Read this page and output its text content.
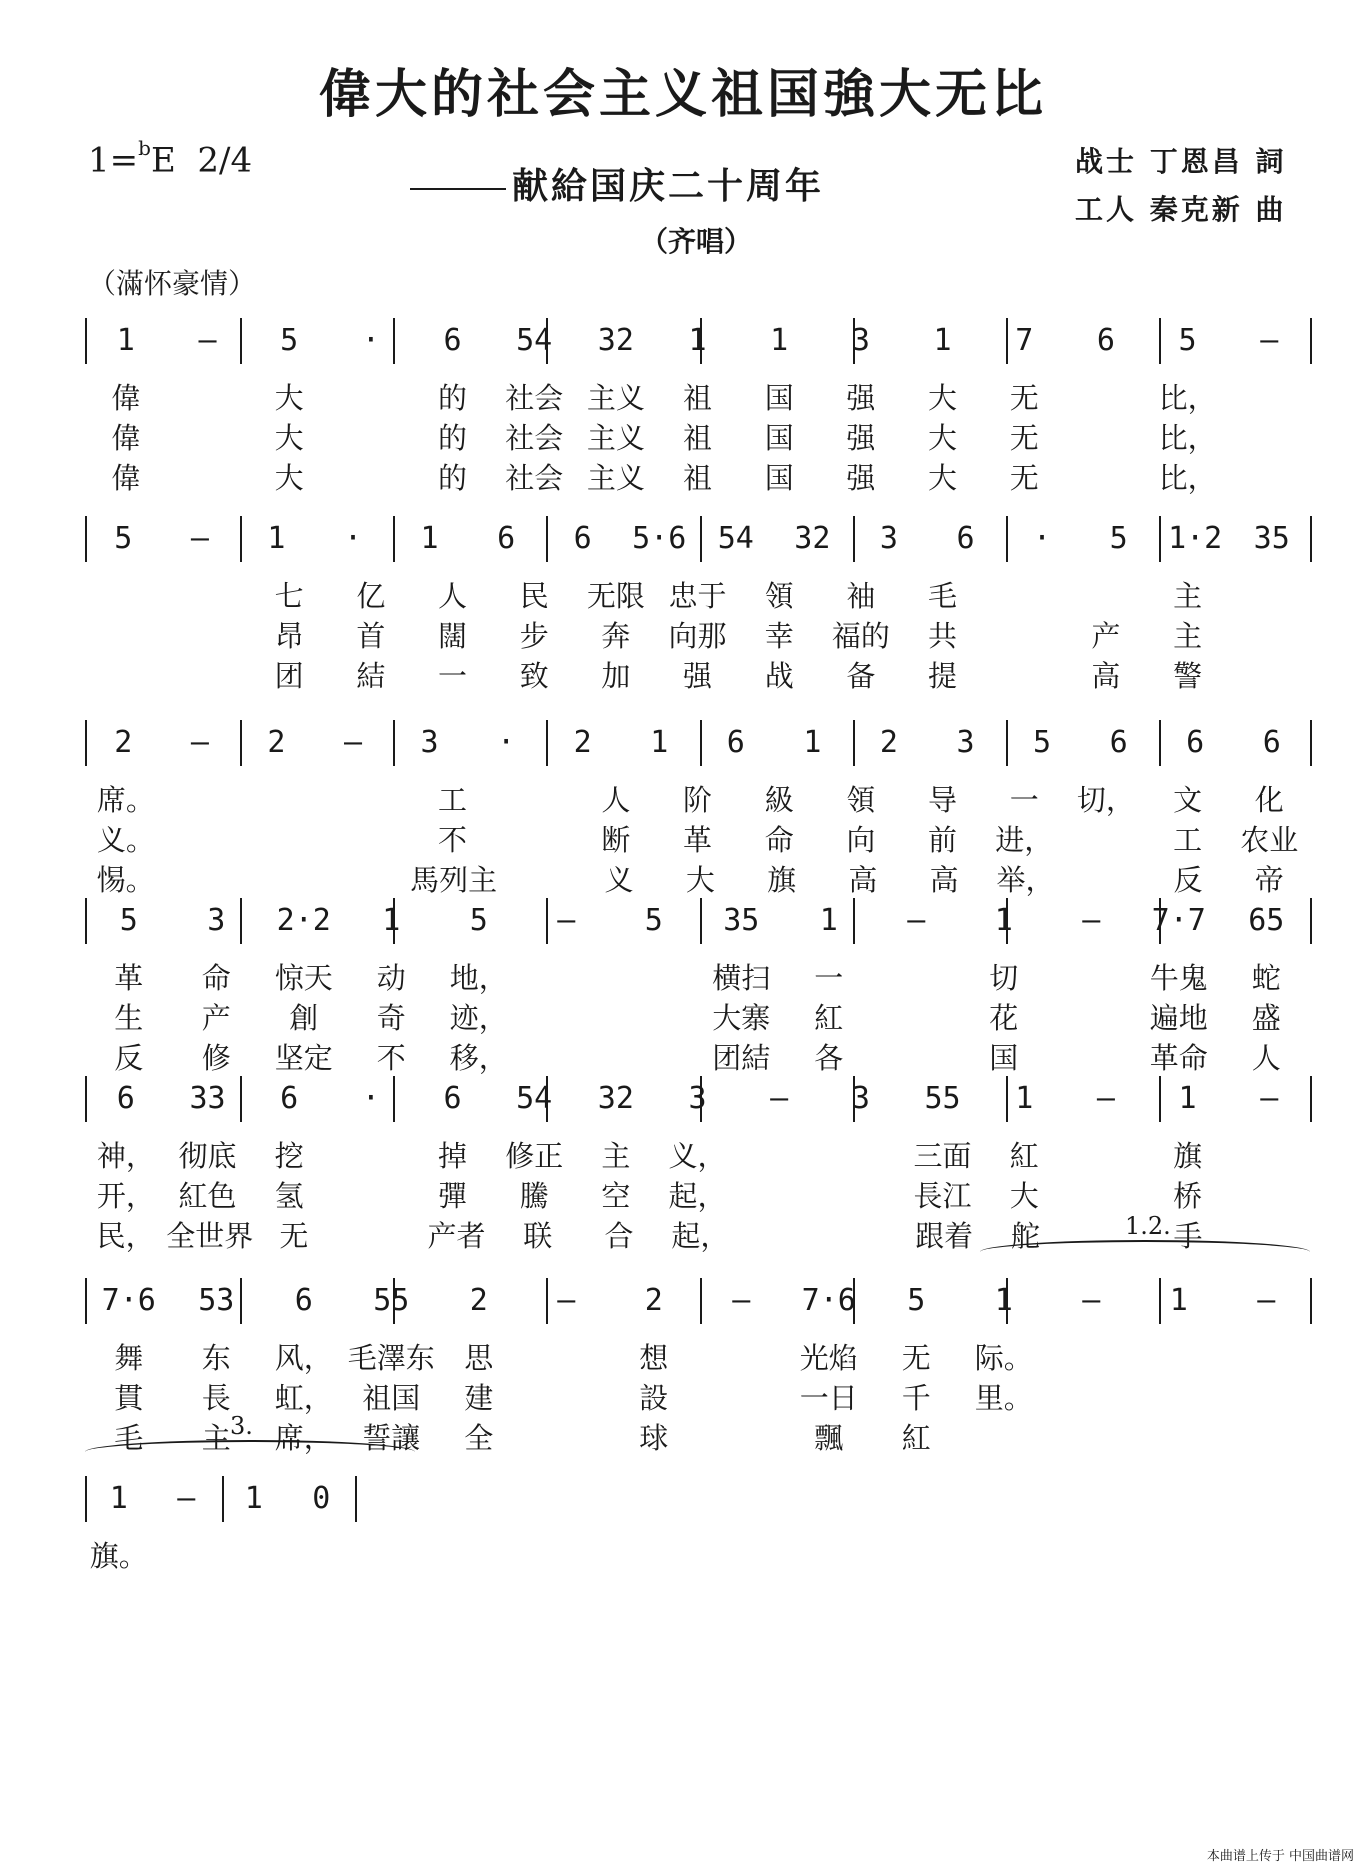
偉大的社会主义祖国強大无比
1=$^b$E 2/4
献給国庆二十周年
（齐唱）
战士 丁恩昌 詞
工人 秦克新 曲
（滿怀豪情）
1	—	5	·	6	54	32	1	1	3	1	7	6	5	—
偉	大	的	社会 主义	祖	国	强	大	无	比，
偉	大	的	社会 主义	祖	国	强	大	无	比，
偉	大	的	社会 主义	祖	国	强	大	无	比，
5	—	1	·	1	6	6	5·6	54	32	3	6	·	5	1·2	35
七	亿	人	民	无限 忠于	領	袖	毛	主
昂	首	闊	步	奔	向那	幸	福的	共	产	主
团	結	一	致	加	强	战	备	提	高	警
2	—	2	—	3	·	2	1	6	1	2	3	5	6	6	6
席。	工	人	阶	級	領	导	一	切，	文	化
义。	不	断	革	命	向	前	进，	工	农业
惕。	馬列主	义	大	旗	高	高	举，	反	帝
5	3	2·2	1	5	—	5	35	1	—	1	—	7·7	65
革	命	惊天	动	地，	横扫	一	切	牛鬼	蛇
生	产	創	奇	迹，	大寨	紅	花	遍地	盛
反	修	坚定	不	移，	团結	各	国	革命	人
6	33	6	·	6	54	32	3	—	3	55	1	—	1	—
神， 彻底	挖	掉	修正	主	义，	三面	紅	旗
开， 紅色	氢	彈	騰	空	起，	長江	大	桥
民， 全世界 无	产者	联	合	起，	跟着	舵	手
7·6	53	6	55	2	—	2	—	7·6	5	1	—	1	—
舞	东	风， 毛澤东	思	想	光焰	无	际。
貫	長	虹，	祖国	建	設	一日	千	里。
毛	主	席，	誓讓	全	球	飄	紅
1	—	1	0
旗。
1.2.
3.
本曲谱上传于 中国曲谱网
